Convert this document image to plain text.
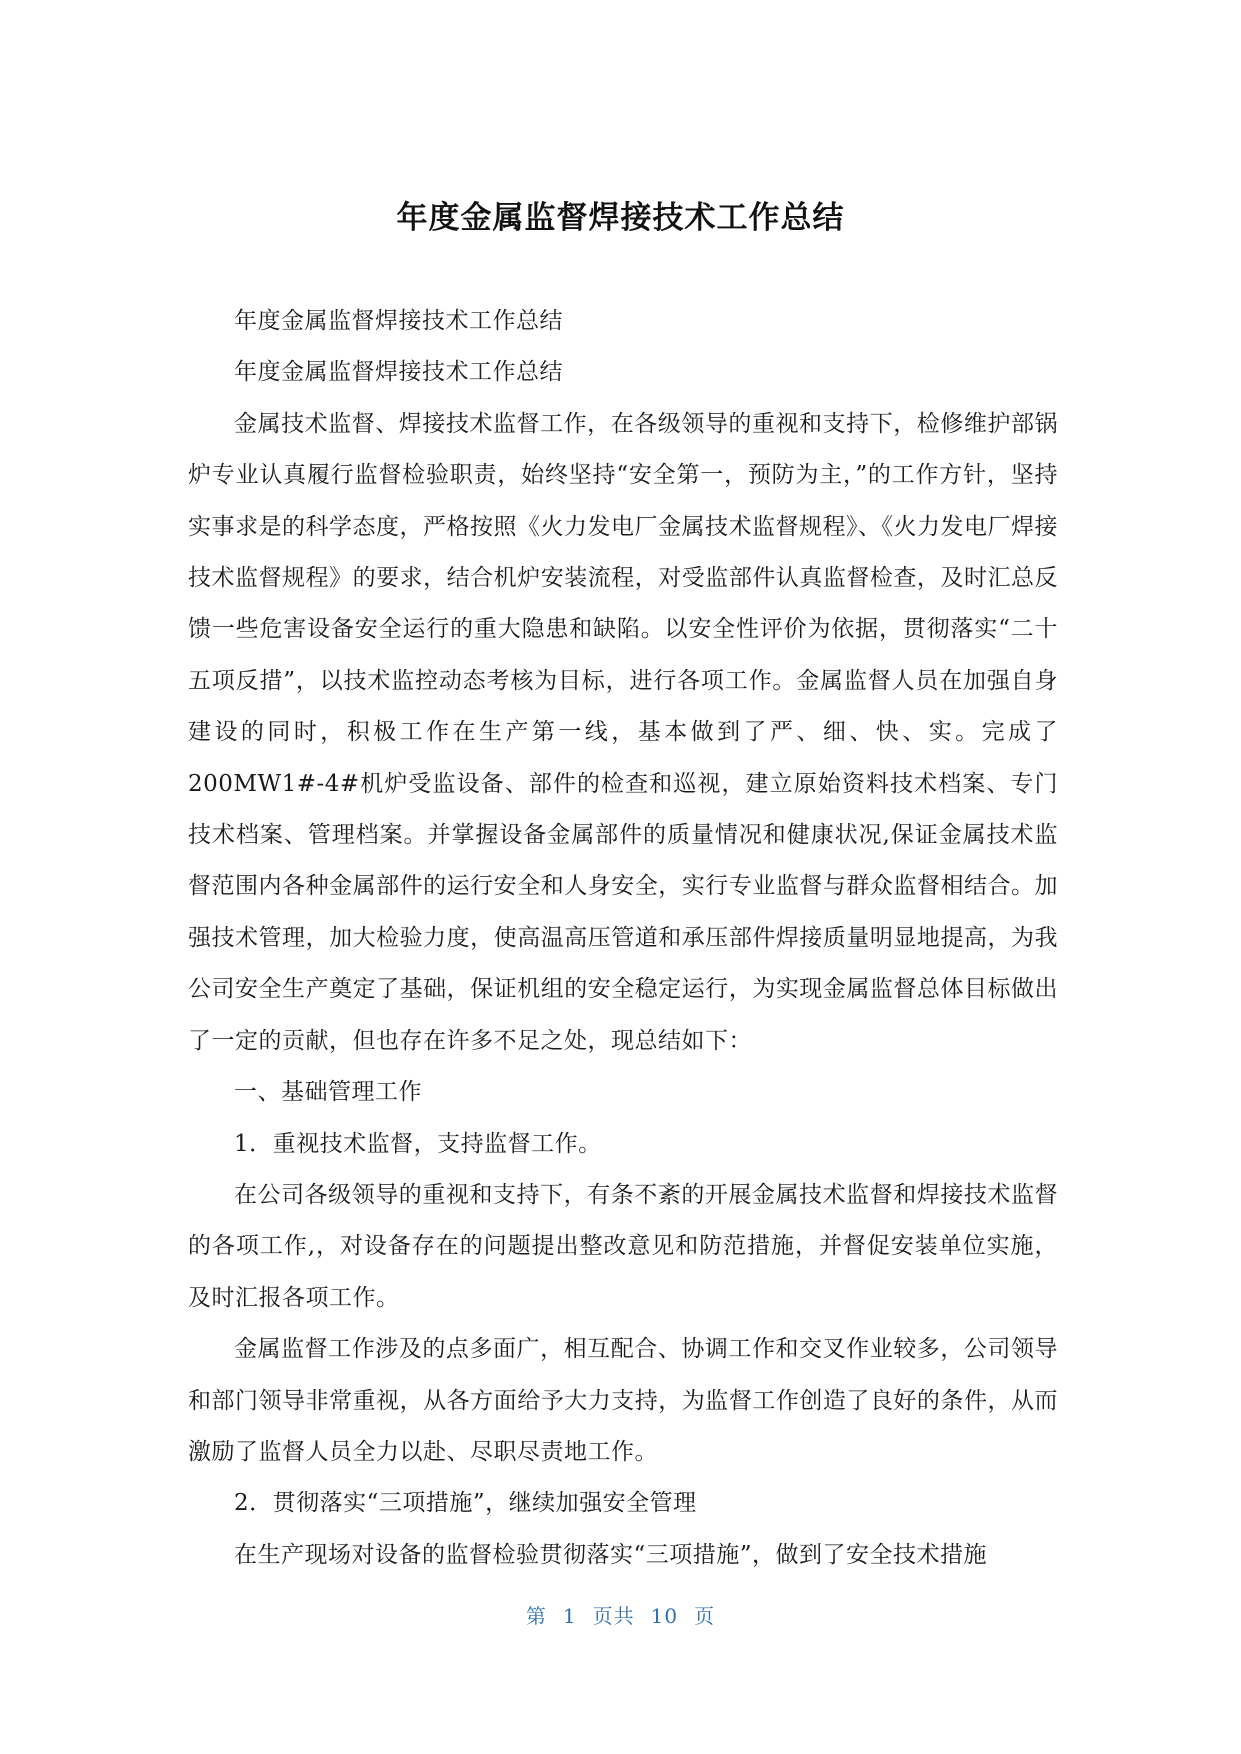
年度金属监督焊接技术工作总结

年度金属监督焊接技术工作总结

年度金属监督焊接技术工作总结

金属技术监督、焊接技术监督工作，在各级领导的重视和支持下，检修维护部锅炉专业认真履行监督检验职责，始终坚持“安全第一，预防为主，”的工作方针，坚持实事求是的科学态度，严格按照《火力发电厂金属技术监督规程》、《火力发电厂焊接技术监督规程》的要求，结合机炉安装流程，对受监部件认真监督检查，及时汇总反馈一些危害设备安全运行的重大隐患和缺陷。以安全性评价为依据，贯彻落实“二十五项反措”，以技术监控动态考核为目标，进行各项工作。金属监督人员在加强自身建设的同时，积极工作在生产第一线，基本做到了严、细、快、实。完成了200MW1#-4#机炉受监设备、部件的检查和巡视，建立原始资料技术档案、专门技术档案、管理档案。并掌握设备金属部件的质量情况和健康状况,保证金属技术监督范围内各种金属部件的运行安全和人身安全，实行专业监督与群众监督相结合。加强技术管理，加大检验力度，使高温高压管道和承压部件焊接质量明显地提高，为我公司安全生产奠定了基础，保证机组的安全稳定运行，为实现金属监督总体目标做出了一定的贡献，但也存在许多不足之处，现总结如下：

一、基础管理工作

1．重视技术监督，支持监督工作。

在公司各级领导的重视和支持下，有条不紊的开展金属技术监督和焊接技术监督的各项工作,，对设备存在的问题提出整改意见和防范措施，并督促安装单位实施，及时汇报各项工作。

金属监督工作涉及的点多面广，相互配合、协调工作和交叉作业较多，公司领导和部门领导非常重视，从各方面给予大力支持，为监督工作创造了良好的条件，从而激励了监督人员全力以赴、尽职尽责地工作。

2．贯彻落实“三项措施”，继续加强安全管理

在生产现场对设备的监督检验贯彻落实“三项措施”，做到了安全技术措施

第 1 页共 10 页
